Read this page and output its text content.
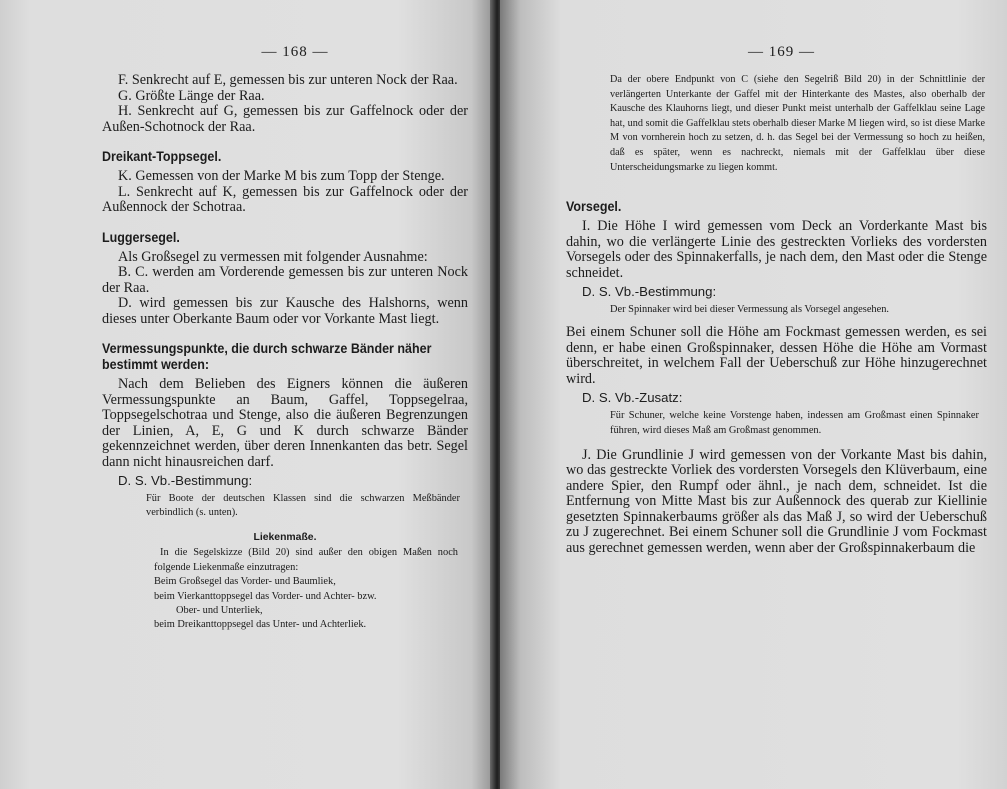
— 168 —

F. Senkrecht auf E, gemessen bis zur unteren Nock der Raa.

G. Größte Länge der Raa.

H. Senkrecht auf G, gemessen bis zur Gaffelnock oder der Außen-Schotnock der Raa.

Dreikant-Toppsegel.

K. Gemessen von der Marke M bis zum Topp der Stenge.

L. Senkrecht auf K, gemessen bis zur Gaffelnock oder der Außennock der Schotraa.

Luggersegel.

Als Großsegel zu vermessen mit folgender Ausnahme:

B. C. werden am Vorderende gemessen bis zur unteren Nock der Raa.

D. wird gemessen bis zur Kausche des Halshorns, wenn dieses unter Oberkante Baum oder vor Vorkante Mast liegt.

Vermessungspunkte, die durch schwarze Bänder näher bestimmt werden:

Nach dem Belieben des Eigners können die äußeren Vermessungspunkte an Baum, Gaffel, Toppsegelraa, Toppsegelschotraa und Stenge, also die äußeren Begrenzungen der Linien, A, E, G und K durch schwarze Bänder gekennzeichnet werden, über deren Innenkanten das betr. Segel dann nicht hinausreichen darf.

D. S. Vb.-Bestimmung:

Für Boote der deutschen Klassen sind die schwarzen Meßbänder verbindlich (s. unten).

Liekenmaße.

In die Segelskizze (Bild 20) sind außer den obigen Maßen noch folgende Liekenmaße einzutragen:

Beim Großsegel das Vorder- und Baumliek,

beim Vierkanttoppsegel das Vorder- und Achter- bzw.

Ober- und Unterliek,

beim Dreikanttoppsegel das Unter- und Achterliek.

— 169 —

Da der obere Endpunkt von C (siehe den Segelriß Bild 20) in der Schnittlinie der verlängerten Unterkante der Gaffel mit der Hinterkante des Mastes, also oberhalb der Kausche des Klauhorns liegt, und dieser Punkt meist unterhalb der Gaffelklau seine Lage hat, und somit die Gaffelklau stets oberhalb dieser Marke M liegen wird, so ist diese Marke M von vornherein hoch zu setzen, d. h. das Segel bei der Vermessung so hoch zu heißen, daß es später, wenn es nachreckt, niemals mit der Gaffelklau über diese Unterscheidungsmarke zu liegen kommt.

Vorsegel.

I. Die Höhe I wird gemessen vom Deck an Vorderkante Mast bis dahin, wo die verlängerte Linie des gestreckten Vorlieks des vordersten Vorsegels oder des Spinnakerfalls, je nach dem, den Mast oder die Stenge schneidet.

D. S. Vb.-Bestimmung:

Der Spinnaker wird bei dieser Vermessung als Vorsegel angesehen.

Bei einem Schuner soll die Höhe am Fockmast gemessen werden, es sei denn, er habe einen Großspinnaker, dessen Höhe die Höhe am Vormast überschreitet, in welchem Fall der Ueberschuß zur Höhe hinzugerechnet wird.

D. S. Vb.-Zusatz:

Für Schuner, welche keine Vorstenge haben, indessen am Großmast einen Spinnaker führen, wird dieses Maß am Großmast genommen.

J. Die Grundlinie J wird gemessen von der Vorkante Mast bis dahin, wo das gestreckte Vorliek des vordersten Vorsegels den Klüverbaum, eine andere Spier, den Rumpf oder ähnl., je nach dem, schneidet. Ist die Entfernung von Mitte Mast bis zur Außennock des querab zur Kiellinie gesetzten Spinnakerbaums größer als das Maß J, so wird der Ueberschuß zu J zugerechnet. Bei einem Schuner soll die Grundlinie J vom Fockmast aus gerechnet gemessen werden, wenn aber der Großspinnakerbaum die
